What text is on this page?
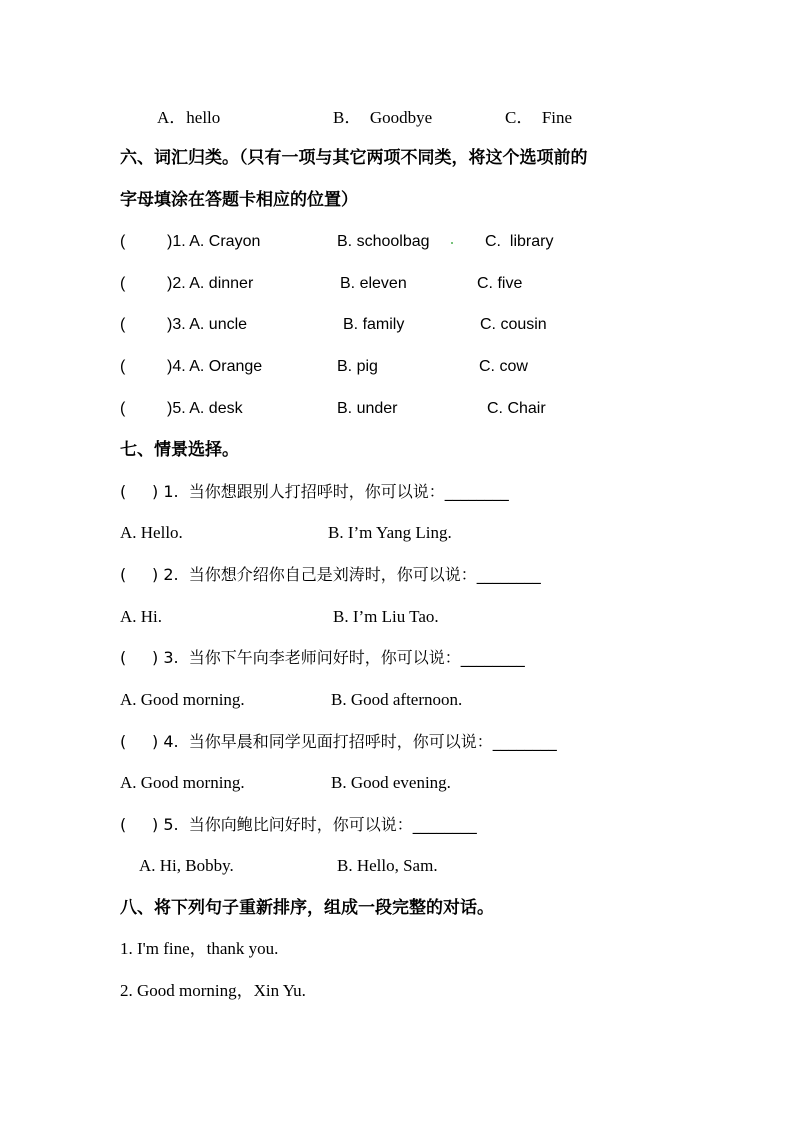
A．hello	B．  Goodbye	C．  Fine
六、词汇归类。（只有一项与其它两项不同类，将这个选项前的
字母填涂在答题卡相应的位置）
(	)1. A. Crayon	B. schoolbag	C.  library
(	)2. A. dinner	B. eleven	C. five
(	)3. A. uncle	B. family	C. cousin
(	)4. A. Orange	B. pig	C. cow
(	)5. A. desk	B. under	C. Chair
七、情景选择。
( ) 1.  当你想跟别人打招呼时，你可以说：________
A. Hello.	B. I’m Yang Ling.
( ) 2.  当你想介绍你自己是刘涛时，你可以说：________
A. Hi.	B. I’m Liu Tao.
( ) 3.  当你下午向李老师问好时，你可以说：________
A. Good morning.	B. Good afternoon.
( ) 4.  当你早晨和同学见面打招呼时，你可以说：________
A. Good morning.	B. Good evening.
( ) 5.  当你向鲍比问好时，你可以说：________
A. Hi, Bobby.	B. Hello, Sam.
八、将下列句子重新排序，组成一段完整的对话。
1. I'm fine，thank you.
2. Good morning，Xin Yu.
